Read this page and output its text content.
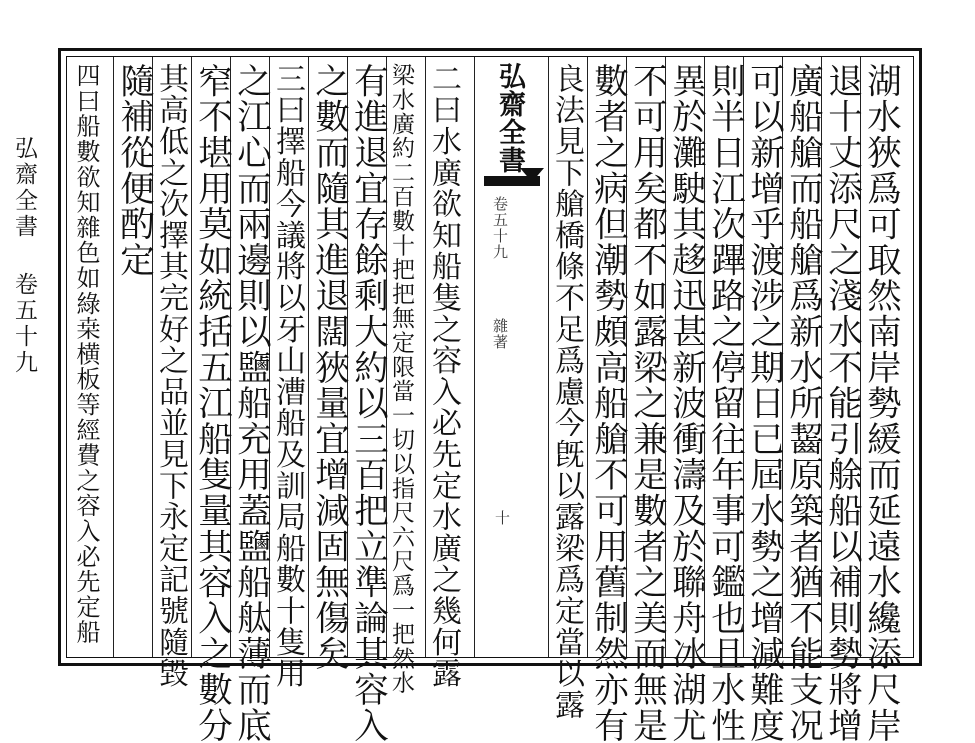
弘齋全書
卷五十九
弘齋全書
卷五十九
雜著
十	湖水狹爲可取然南岸勢緩而延遠水纔添尺岸
退十丈添尺之淺水不能引艅船以補則勢將增
廣船艙而船艙爲新水所齧原築者猶不能支况
可以新增乎渡涉之期日已屆水勢之增減難度
則半日江次蹕路之停留往年事可鑑也且水性
異於灘駛其趍迅甚新波衝濤及於聯舟冰湖尤
不可用矣都不如露梁之兼是數者之美而無是
數者之病但潮勢頗高船艙不可用舊制然亦有
良法見下艙橋條不足爲慮今旣以露梁爲定當以露
二曰水廣欲知船隻之容入必先定水廣之幾何露
梁水廣約二百數十把把無定限當一切以指尺六尺爲一把然水
有進退宜存餘剩大約以三百把立準論其容入
之數而隨其進退闊狹量宜增減固無傷矣
三曰擇船今議將以牙山漕船及訓局船數十隻用
之江心而兩邊則以鹽船充用蓋鹽船舦薄而底
窄不堪用莫如統括五江船隻量其容入之數分
其高低之次擇其完好之品並見下永定記號隨毀
隨補從便酌定
四曰船數欲知雜色如綠桒横板等經費之容入必先定船
